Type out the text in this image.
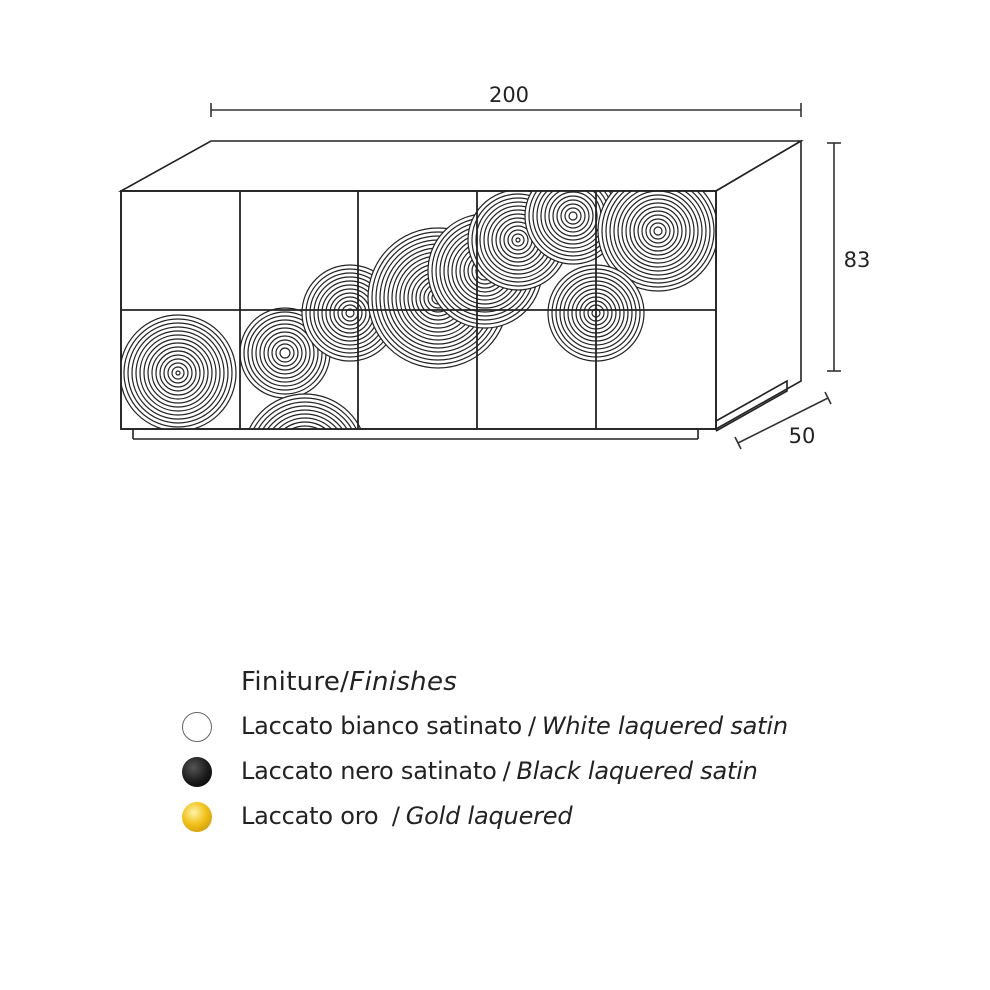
200
83
50
Finiture/Finishes
Laccato bianco satinato / White laquered satin
Laccato nero satinato / Black laquered satin
Laccato oro / Gold laquered
